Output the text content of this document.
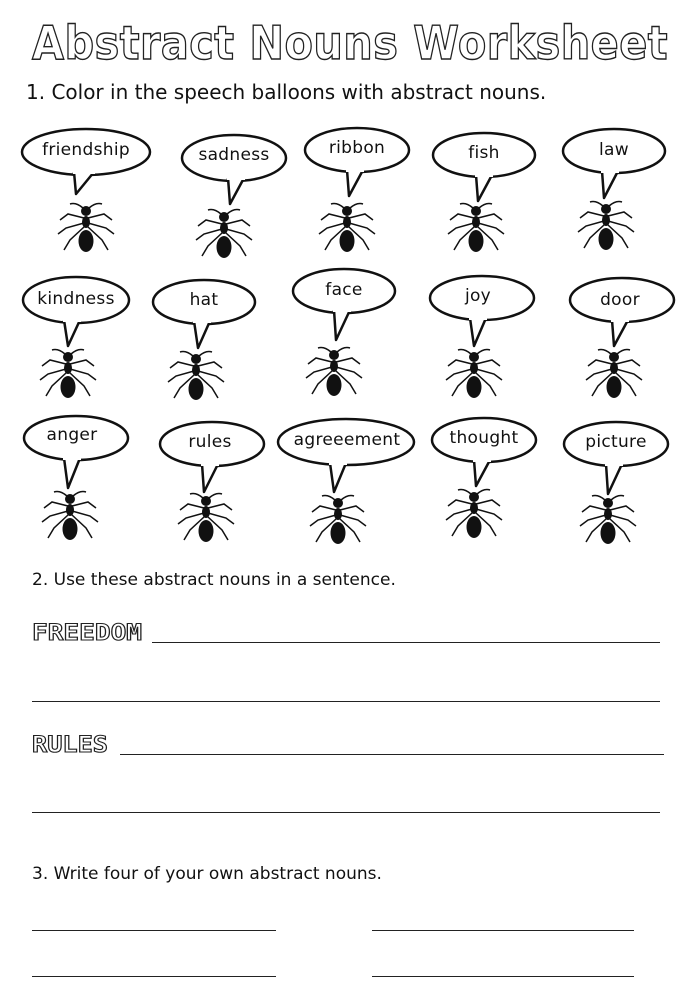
Abstract Nouns Worksheet
1. Color in the speech balloons with abstract nouns.
friendship	sadness	ribbon	fish	law
kindness	hat	face	joy	door
anger	rules	agreeement	thought	picture
2. Use these abstract nouns in a sentence.
FREEDOM
RULES
3. Write four of your own abstract nouns.
